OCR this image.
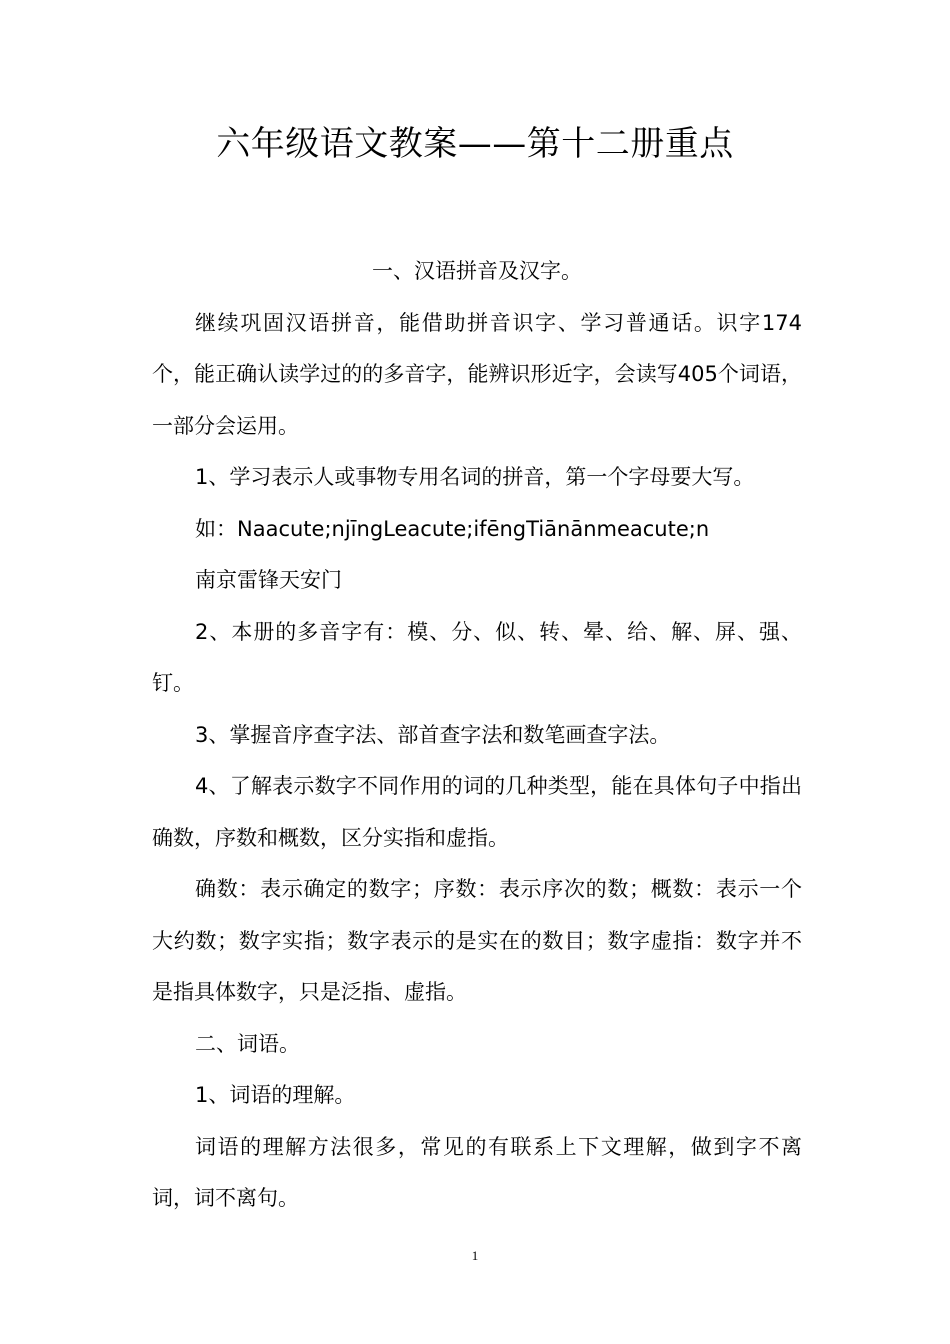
六年级语文教案——第十二册重点

一、汉语拼音及汉字。

继续巩固汉语拼音，能借助拼音识字、学习普通话。识字174个，能正确认读学过的的多音字，能辨识形近字，会读写405个词语，一部分会运用。

1、学习表示人或事物专用名词的拼音，第一个字母要大写。

如：Naacute;njīngLeacute;ifēngTiānānmeacute;n

南京雷锋天安门

2、本册的多音字有：模、分、似、转、晕、给、解、屏、强、钉。

3、掌握音序查字法、部首查字法和数笔画查字法。

4、了解表示数字不同作用的词的几种类型，能在具体句子中指出确数，序数和概数，区分实指和虚指。

确数：表示确定的数字；序数：表示序次的数；概数：表示一个大约数；数字实指；数字表示的是实在的数目；数字虚指：数字并不是指具体数字，只是泛指、虚指。

二、词语。

1、词语的理解。

词语的理解方法很多，常见的有联系上下文理解，做到字不离词，词不离句。

1
